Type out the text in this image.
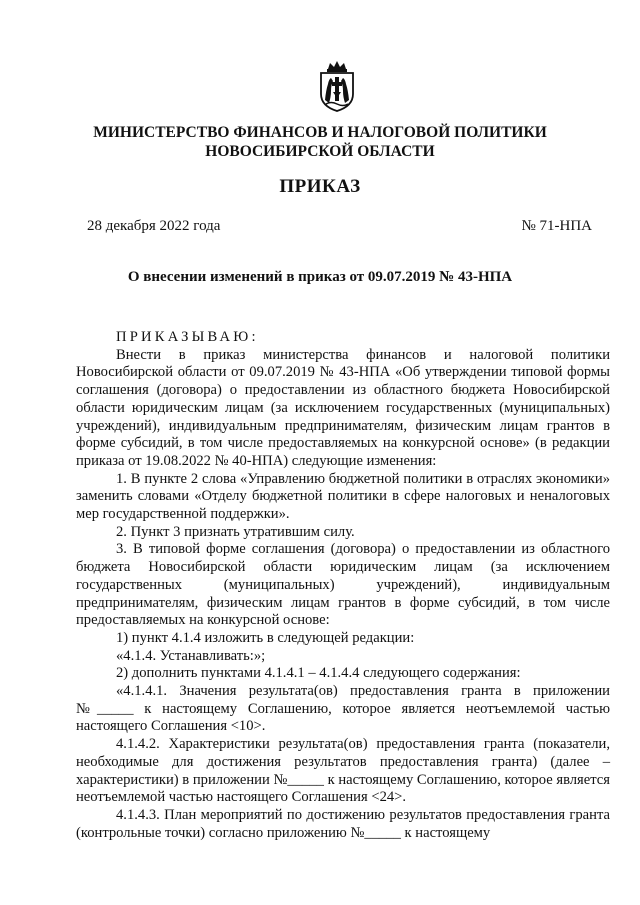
МИНИСТЕРСТВО ФИНАНСОВ И НАЛОГОВОЙ ПОЛИТИКИ
НОВОСИБИРСКОЙ ОБЛАСТИ
ПРИКАЗ
28 декабря 2022 года	№ 71-НПА
О внесении изменений в приказ от 09.07.2019 № 43-НПА

ПРИКАЗЫВАЮ:

Внести в приказ министерства финансов и налоговой политики Новосибирской области от 09.07.2019 № 43-НПА «Об утверждении типовой формы соглашения (договора) о предоставлении из областного бюджета Новосибирской области юридическим лицам (за исключением государственных (муниципальных) учреждений), индивидуальным предпринимателям, физическим лицам грантов в форме субсидий, в том числе предоставляемых на конкурсной основе» (в редакции приказа от 19.08.2022 № 40-НПА) следующие изменения:

1. В пункте 2 слова «Управлению бюджетной политики в отраслях экономики» заменить словами «Отделу бюджетной политики в сфере налоговых и неналоговых мер государственной поддержки».

2. Пункт 3 признать утратившим силу.

3. В типовой форме соглашения (договора) о предоставлении из областного бюджета Новосибирской области юридическим лицам (за исключением государственных (муниципальных) учреждений), индивидуальным предпринимателям, физическим лицам грантов в форме субсидий, в том числе предоставляемых на конкурсной основе:

1) пункт 4.1.4 изложить в следующей редакции:

«4.1.4. Устанавливать:»;

2) дополнить пунктами 4.1.4.1 – 4.1.4.4 следующего содержания:

«4.1.4.1. Значения результата(ов) предоставления гранта в приложении №_____ к настоящему Соглашению, которое является неотъемлемой частью настоящего Соглашения <10>.

4.1.4.2. Характеристики результата(ов) предоставления гранта (показатели, необходимые для достижения результатов предоставления гранта) (далее – характеристики) в приложении №_____ к настоящему Соглашению, которое является неотъемлемой частью настоящего Соглашения <24>.

4.1.4.3. План мероприятий по достижению результатов предоставления гранта (контрольные точки) согласно приложению №_____ к настоящему
